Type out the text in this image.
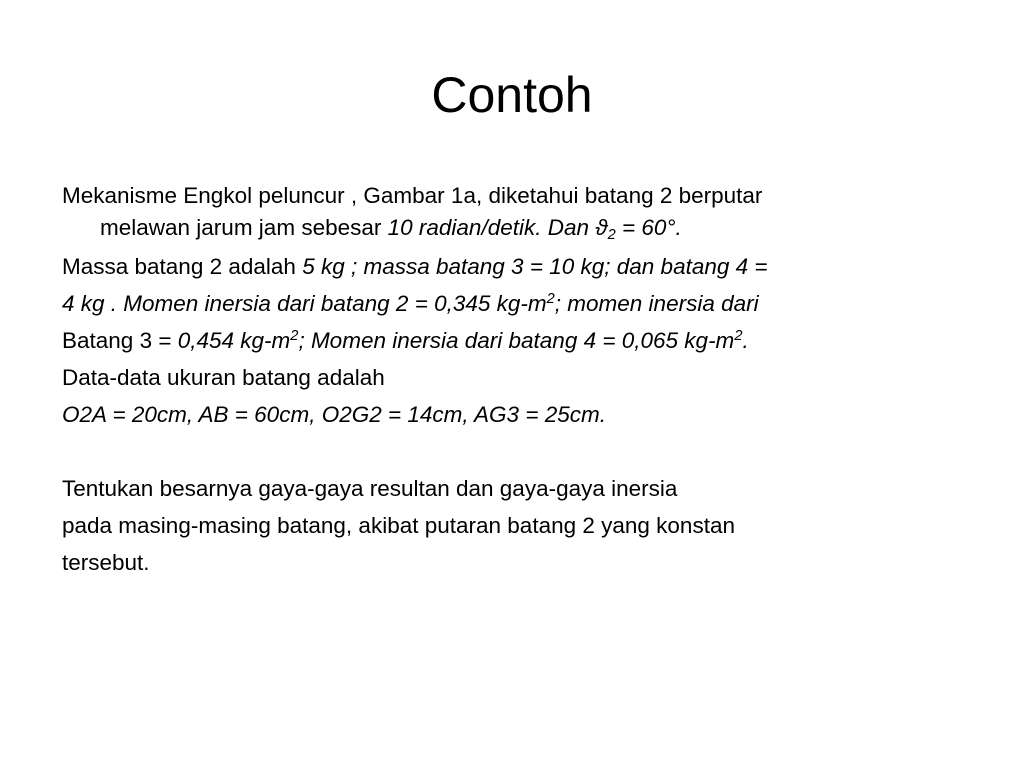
Contoh
Mekanisme Engkol peluncur , Gambar 1a, diketahui batang 2 berputar
melawan jarum jam sebesar 10 radian/detik. Dan $ϑ_2 = 60^\circ$.
Massa batang 2 adalah 5 kg ; massa batang 3 = 10 kg; dan batang 4 =
4 kg . Momen inersia dari batang 2 = 0,345 $kg-m^2$; momen inersia dari
Batang 3 = 0,454 $kg-m^2$; Momen inersia dari batang 4 = 0,065 $kg-m^2$.
Data-data ukuran batang adalah
O2A = 20cm, AB = 60cm, O2G2 = 14cm, AG3 = 25cm.
Tentukan besarnya gaya-gaya resultan dan gaya-gaya inersia
pada masing-masing batang, akibat putaran batang 2 yang konstan
tersebut.
